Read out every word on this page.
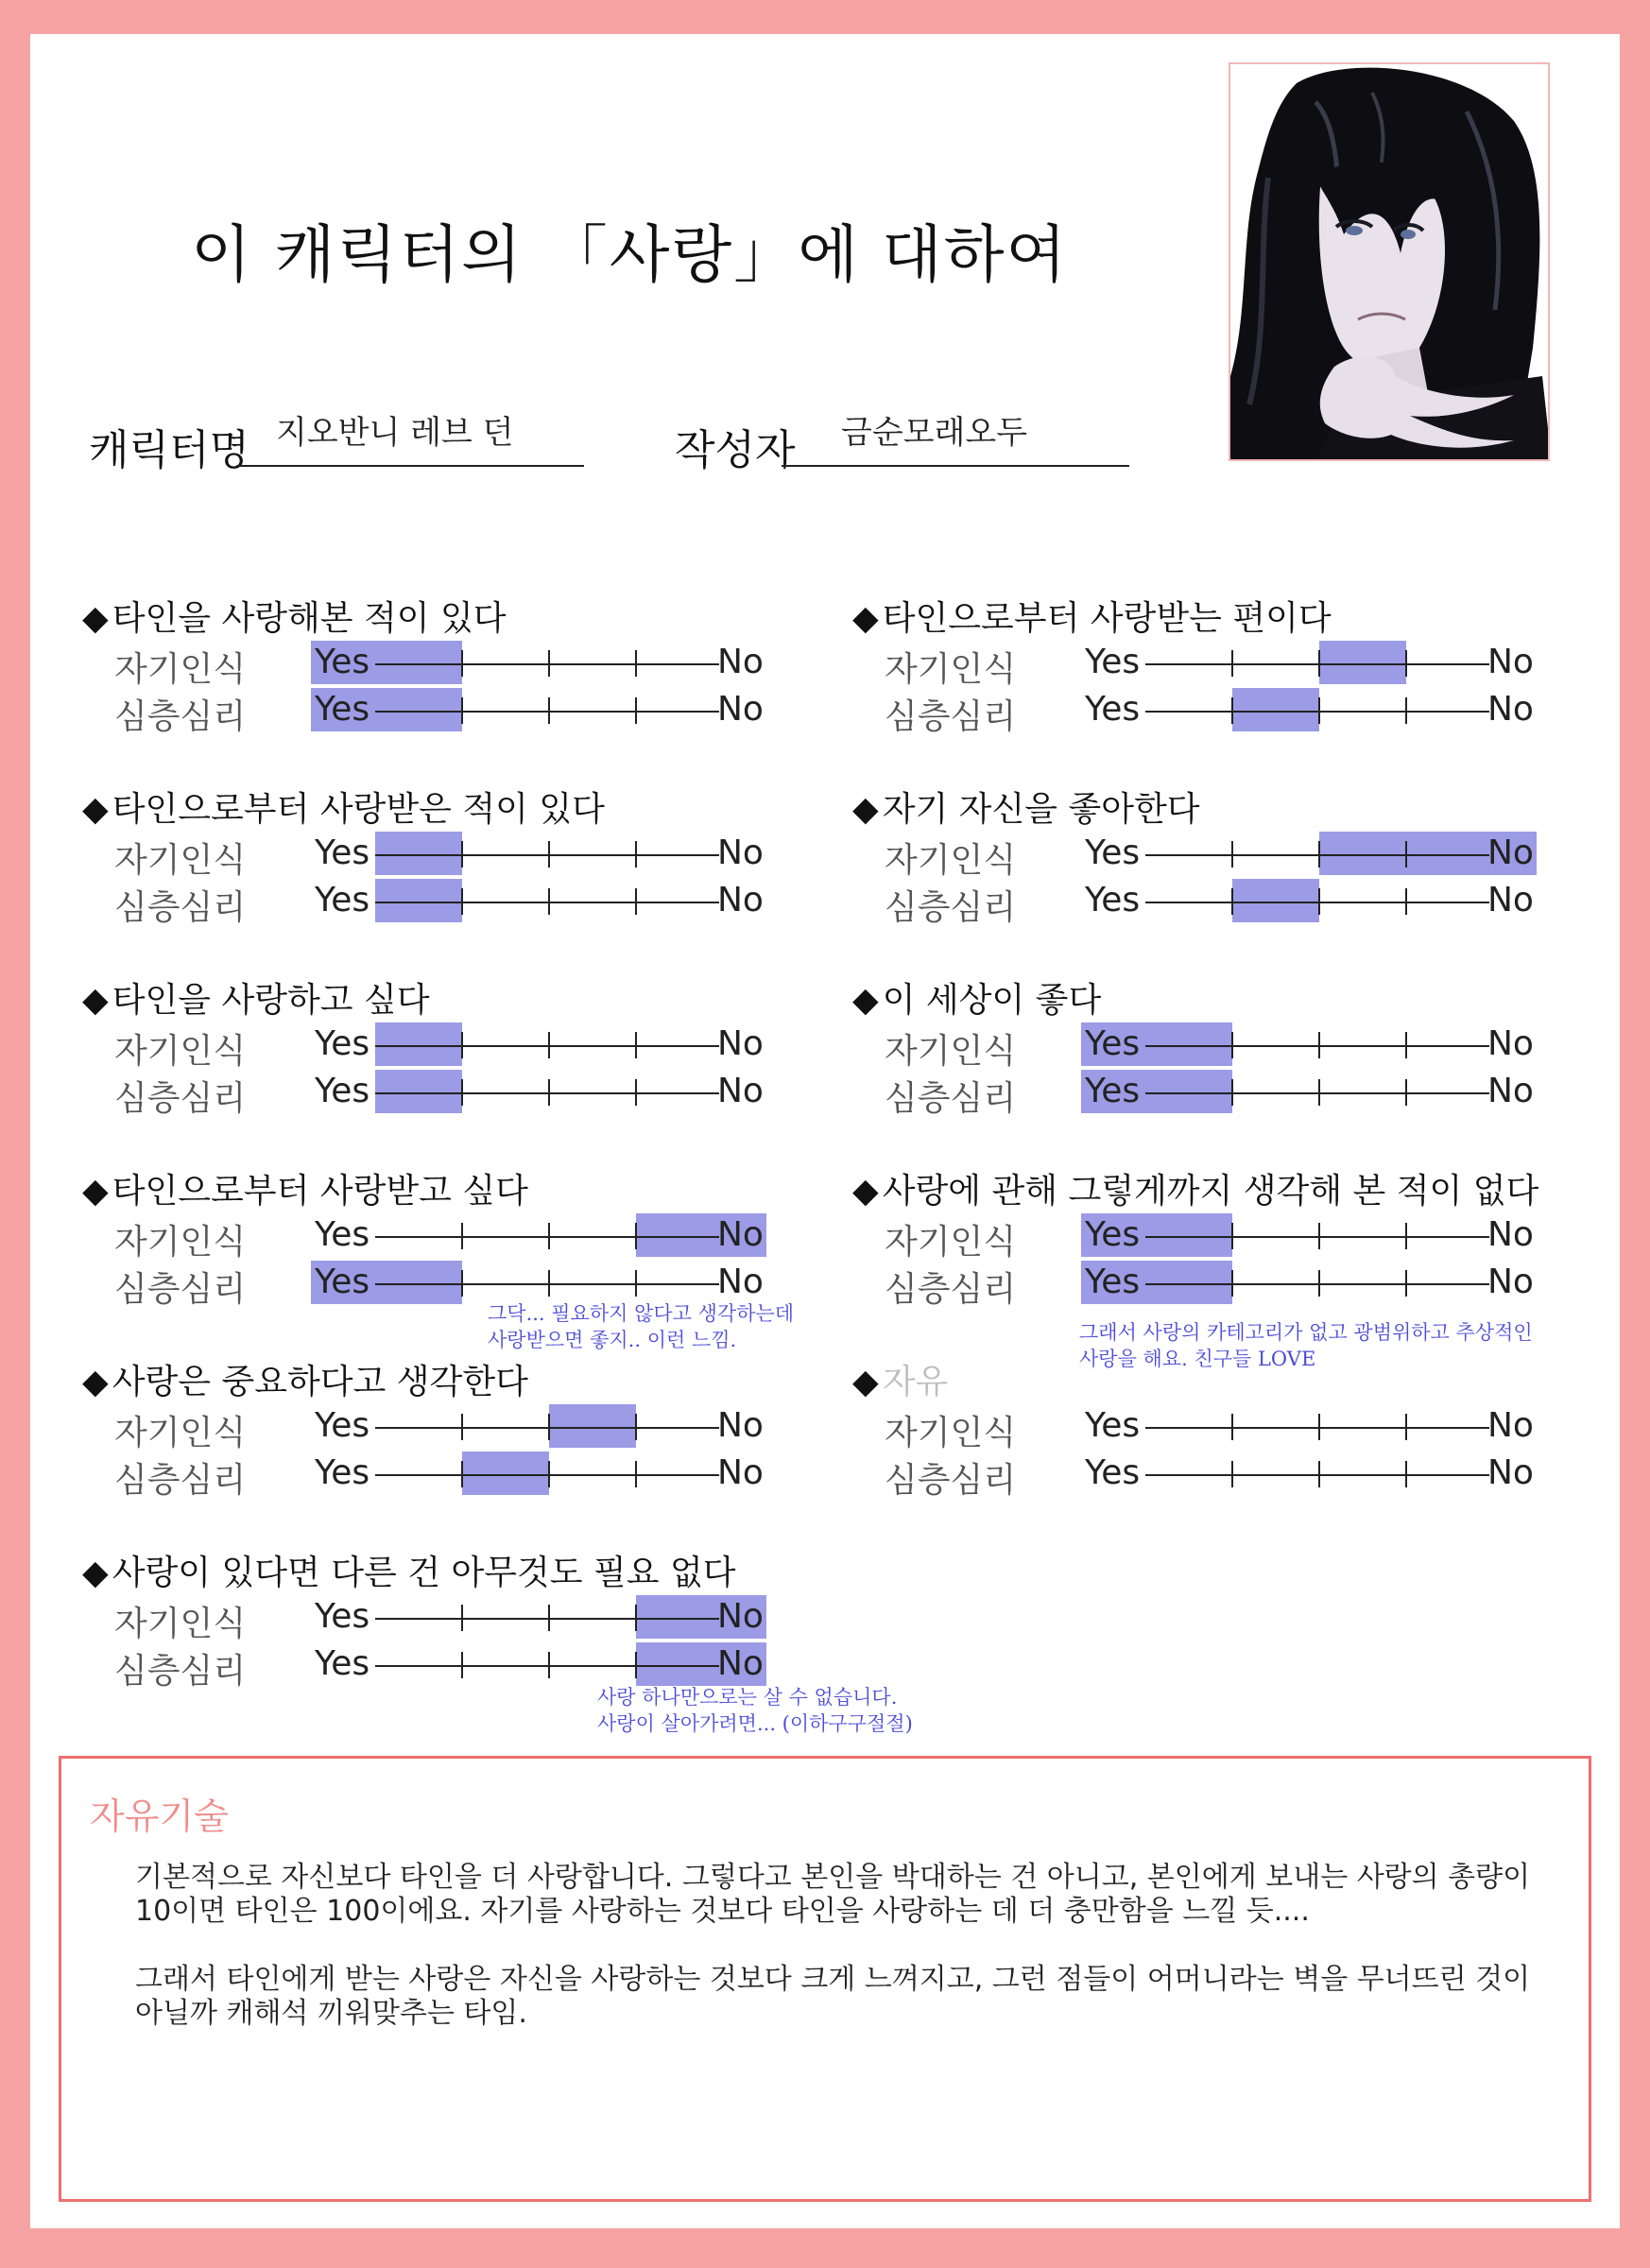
이 캐릭터의 「사랑」에 대하여
캐릭터명 지오반니 레브 던	작성자 금순모래오두
◆ 타인을 사랑해본 적이 있다
자기인식 Yes	No
심층심리 Yes	No
◆ 타인으로부터 사랑받은 적이 있다
자기인식 Yes	No
심층심리 Yes	No
◆ 타인을 사랑하고 싶다
자기인식 Yes	No
심층심리 Yes	No
◆ 타인으로부터 사랑받고 싶다
자기인식 Yes	No
심층심리 Yes	No
◆ 사랑은 중요하다고 생각한다
자기인식 Yes	No
심층심리 Yes	No
◆ 사랑이 있다면 다른 건 아무것도 필요 없다
자기인식 Yes	No
심층심리 Yes	No
◆ 타인으로부터 사랑받는 편이다
자기인식 Yes	No
심층심리 Yes	No
◆ 자기 자신을 좋아한다
자기인식 Yes	No
심층심리 Yes	No
◆ 이 세상이 좋다
자기인식 Yes	No
심층심리 Yes	No
◆ 사랑에 관해 그렇게까지 생각해 본 적이 없다
자기인식 Yes	No
심층심리 Yes	No
◆ 자유
자기인식 Yes	No
심층심리 Yes	No
그닥... 필요하지 않다고 생각하는데
사랑받으면 좋지.. 이런 느낌.
사랑 하나만으로는 살 수 없습니다.
사랑이 살아가려면... (이하구구절절)
그래서 사랑의 카테고리가 없고 광범위하고 추상적인
사랑을 해요. 친구들 LOVE
자유기술

기본적으로 자신보다 타인을 더 사랑합니다. 그렇다고 본인을 박대하는 건 아니고, 본인에게 보내는 사랑의 총량이 10이면 타인은 100이에요. 자기를 사랑하는 것보다 타인을 사랑하는 데 더 충만함을 느낄 듯....

그래서 타인에게 받는 사랑은 자신을 사랑하는 것보다 크게 느껴지고, 그런 점들이 어머니라는 벽을 무너뜨린 것이 아닐까 캐해석 끼워맞추는 타임.
